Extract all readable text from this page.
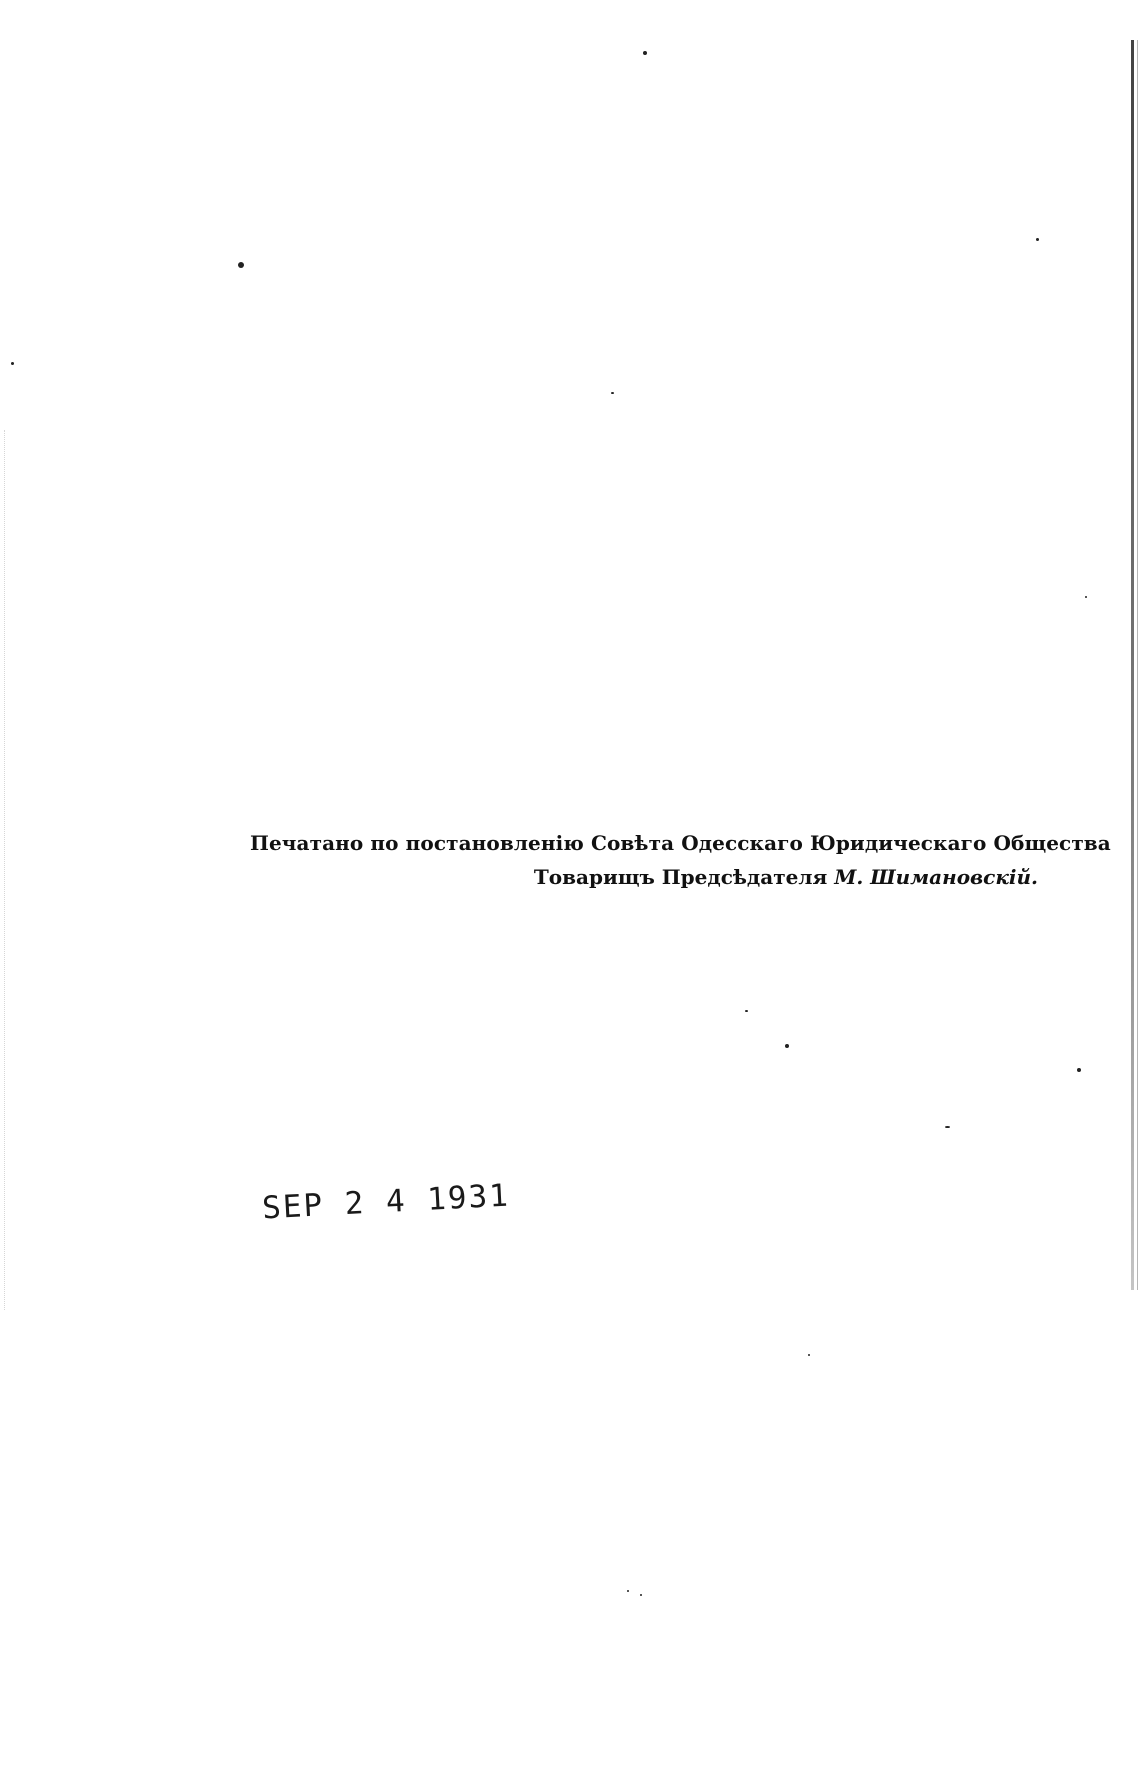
Печатано по постановленію Совѣта Одесскаго Юридическаго Общества
Товарищъ Предсѣдателя М. Шимановскій.
SEP 2 4 1931
